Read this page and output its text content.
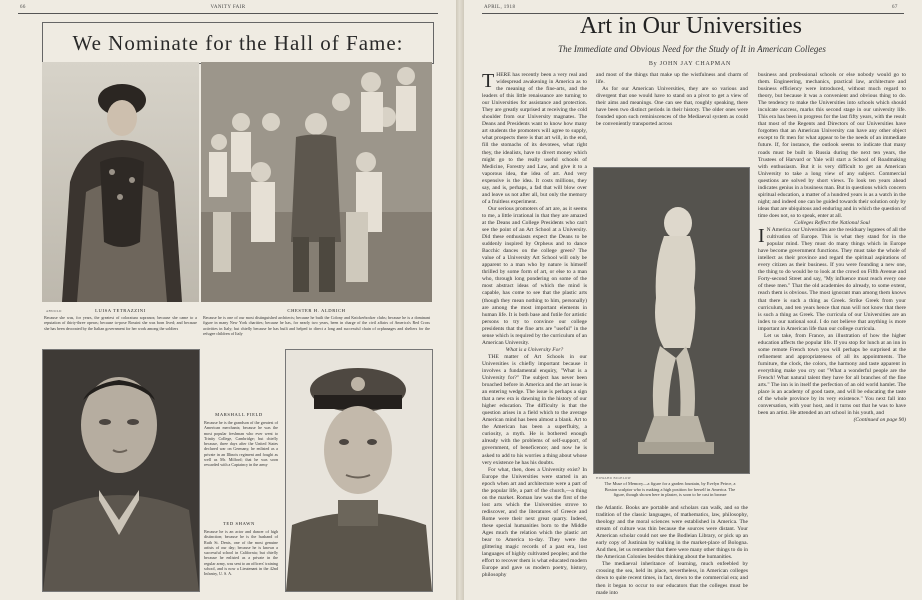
66	VANITY FAIR
We Nominate for the Hall of Fame:
ARNOLD	LUISA TETRAZZINI
Because she was, for years, the greatest of coloratura sopranos; because she came to a reputation of thirty-three operas; because to-pose Rossini she was born lived; and because she has been decorated by the Italian government for her work among the soldiers
CHESTER H. ALDRICH
Because he is one of our most distinguished architects; because he built the Colony and Knickerbocker clubs; because he is a dominant figure in many New York charities; because he has, for nearly two years, been in charge of the civil affairs of America's Red Cross activities in Italy; but chiefly because he has built and helped to direct a long and successful chain of orphanages and shelters for the refugee children of Italy
MARSHALL FIELD
Because he is the grandson of the greatest of American merchants; because he was the most popular freshman who ever went to Trinity College, Cambridge; but chiefly because, three days after the United States declared war on Germany, he enlisted as a private in an Illinois regiment and fought as well as Mr. Milford; that he was soon rewarded with a Captaincy in the army
TED SHAWN
Because he is an actor and dancer of high distinction; because he is the husband of Ruth St. Denis, one of the most genuine artists of our day; because he is known a successful school in California; but chiefly because he enlisted as a private in the regular army, was sent to an officers' training school, and is now a Lieutenant in the 42nd Infantry, U. S. A.
APRIL, 1918	67
Art in Our Universities
The Immediate and Obvious Need for the Study of It in American Colleges
By JOHN JAY CHAPMAN

THERE has recently been a very real and widespread awakening in America as to the meaning of the fine-arts, and the leaders of this little renaissance are turning to our Universities for assistance and protection. They are greatly surprised at receiving the cold shoulder from our University magnates. The Deans and Presidents want to know how many art students the promoters will agree to supply, what prospects there is that art will, in the end, fill the stomachs of its devotees, what right they, the idealists, have to divert money which might go to the really useful schools of Medicine, Forestry and Law, and give it to a vaporous idea, the idea of art. And very expensive is the idea. It costs millions, they say, and is, perhaps, a fad that will blow over and leave us not after all, but only the memory of a fruitless experiment.

Our serious promoters of art are, as it seems to me, a little irrational in that they are amazed at the Deans and College Presidents who can't see the point of an Art School at a University. Did these enthusiasts expect the Deans to be suddenly inspired by Orpheus and to dance Bacchic dances on the college green? The value of a University Art School will only be apparent to a man who by nature is himself thrilled by some form of art, or else to a man who, through long pondering on some of the most abstract ideas of which the mind is capable, has come to see that the plastic arts (though they mean nothing to him, personally) are among the most important elements in human life. It is both base and futile for artistic persons to try to convince our college presidents that the fine arts are "useful" in the sense which is required by the curriculum of an American University.

What is a University For?

THE matter of Art Schools in our Universities is chiefly important because it involves a fundamental enquiry, "What is a University for?" The subject has never been broached before in America and the art issue is an entering wedge. The issue is perhaps a sign that a new era is dawning in the history of our higher education. The difficulty is that the question arises in a field which to the average American mind has been almost a blank. Art to the American has been a superfluity, a curiosity, a myth. He is bothered enough already with the problems of self-support, of government, of beneficence; and now he is asked to add to his worries a thing about whose very existence he has his doubts.

For what, then, does a University exist? In Europe the Universities were started in an epoch when art and architecture were a part of the popular life, a part of the church,—a thing on the market. Roman law was the first of the lost arts which the Universities strove to rediscover, and the literatures of Greece and Rome were their next great quarry. Indeed, these special humanities born to the Middle Ages much the relation which the plastic art bear to America to-day. They were the glittering magic records of a past era, lost languages of highly cultivated peoples; and the effort to recover them is what educated modern Europe and gave us modern poetry, history, philosophy

and most of the things that make up the wistfulness and charm of life.

As for our American Universities, they are so various and divergent that one would have to stand on a pivot to get a view of their aims and meanings. One can see that, roughly speaking, there have been two distinct periods in their history. The older ones were founded upon such reminiscences of the Mediaeval system as could be conveniently transported across

EDWARD BIGELOW
The Muse of Memory—a figure for a garden fountain, by Evelyn Peirce, a Boston sculptor who is making a high position for herself in America. The figure, though shown here in plaster, is soon to be cast in bronze

the Atlantic. Books are portable and scholars can walk, and so the tradition of the classic languages, of mathematics, law, philosophy, theology and the moral sciences were established in America. The stream of culture was thin because the sources were distant. Your American scholar could not see the Bodleian Library, or pick up an early copy of Justinian by walking in the market-place of Bologna. And then, let us remember that there were many other things to do in the American Colonies besides thinking about the humanities.

The mediaeval inheritance of learning, much enfeebled by crossing the sea, held its place, nevertheless, in American colleges down to quite recent times, in fact, down to the commercial era; and then it began to occur to our educators that the colleges must be made into

business and professional schools or else nobody would go to them. Engineering, mechanics, practical law, architecture and business efficiency were introduced, without much regard to theory, but because it was a convenient and obvious thing to do. The tendency to make the Universities into schools which should inculcate success, marks this second stage in our university life. This era has been in progress for the last fifty years, with the result that most of the Regents and Directors of our Universities have forgotten that an American University can have any other object except to fit men for what appear to be the needs of an immediate future. If, for instance, the outlook seems to indicate that many roads must be built in Russia during the next ten years, the Trustees of Harvard or Yale will start a School of Roadmaking with enthusiasm. But it is very difficult to get an American University to take a long view of any subject. Commercial questions are solved by short views. To look ten years ahead indicates genius in a business man. But in questions which concern spiritual education, a matter of a hundred years is as a watch in the night; and indeed one can be guided towards their solution only by ideas that are ubiquitous and enduring and in which the question of time does not, so to speak, enter at all.

Colleges Reflect the National Soul

I N America our Universities are the residuary legatees of all the cultivation of Europe. This is what they stand for in the popular mind. They must do many things which in Europe have become government functions. They must take the whole of intellect as their province and regard the spiritual aspirations of every citizen as their business. If you were founding a new one, the thing to do would be to look at the crowd on Fifth Avenue and Forty-second Street and say, "My influence must reach every one of these men." That the old academies do already, to some extent, reach them is obvious. The most ignorant man among them knows that there is such a thing as Greek. Strike Greek from your curriculum, and ten years hence that man will not know that there is such a thing as Greek. The curricula of our Universities are an index to our national soul. I do not believe that anything is more important in American life than our college curricula.

Let us take, from France, an illustration of how the higher education affects the popular life. If you stop for lunch at an inn in some remote French town you will perhaps be surprised at the refinement and appropriateness of all its appointments. The furniture, the clock, the colors, the harmony and taste apparent in everything make you cry out "What a wonderful people are the French! What natural talent they have for all branches of the fine arts." The inn is in itself the perfection of an old world hamlet. The place is an academy of good taste, and will be educating the taste of the whole province by its very existence." You next fall into conversation, with your host, and it turns out that he was to have been an artist. He attended an art school in his youth, and

(Continued on page 90)
